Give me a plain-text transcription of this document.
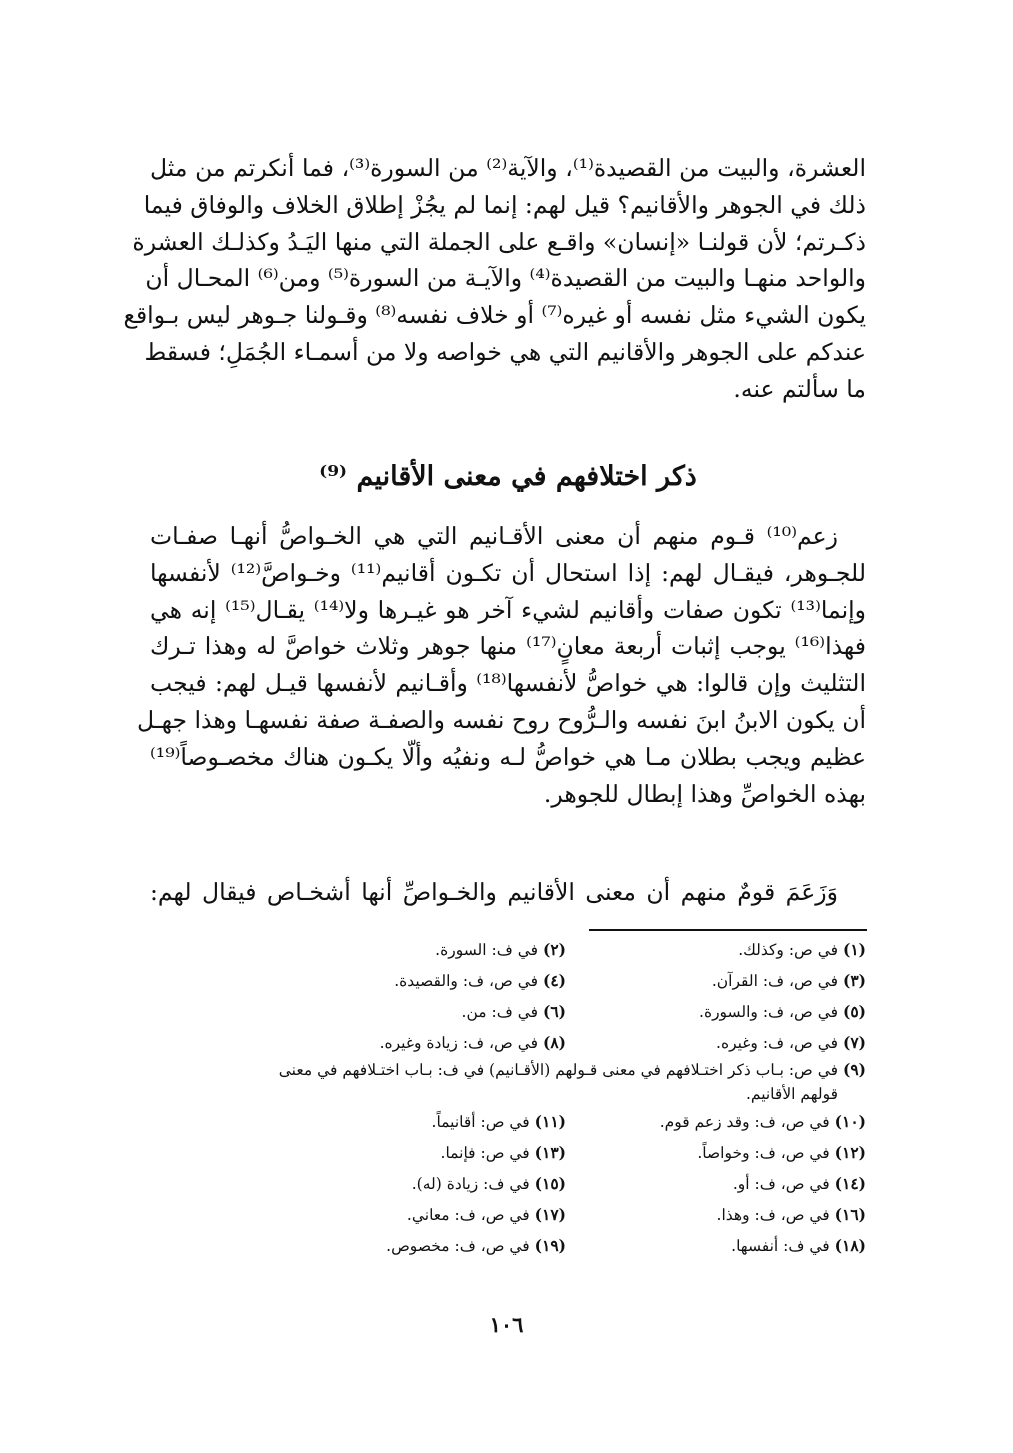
العشرة، والبيت من القصيدة⁽¹⁾، والآية⁽²⁾ من السورة⁽³⁾، فما أنكرتم من مثل
ذلك في الجوهر والأقانيم؟ قيل لهم: إنما لم يجُزْ إطلاق الخلاف والوفاق فيما
ذكـرتم؛ لأن قولنـا «إنسان» واقـع على الجملة التي منها اليَـدُ وكذلـك العشرة
والواحد منهـا والبيت من القصيدة⁽⁴⁾ والآيـة من السورة⁽⁵⁾ ومن⁽⁶⁾ المحـال أن
يكون الشيء مثل نفسه أو غيره⁽⁷⁾ أو خلاف نفسه⁽⁸⁾ وقـولنا جـوهر ليس بـواقع
عندكم على الجوهر والأقانيم التي هي خواصه ولا من أسمـاء الجُمَلِ؛ فسقط
ما سألتم عنه.
ذكر اختلافهم في معنى الأقانيم ⁽⁹⁾
زعم⁽¹⁰⁾ قـوم منهم أن معنى الأقـانيم التي هي الخـواصُّ أنهـا صفـات
للجـوهر، فيقـال لهم: إذا استحال أن تكـون أقانيم⁽¹¹⁾ وخـواصَّ⁽¹²⁾ لأنفسها
وإنما⁽¹³⁾ تكون صفات وأقانيم لشيء آخر هو غيـرها ولا⁽¹⁴⁾ يقـال⁽¹⁵⁾ إنه هي
فهذا⁽¹⁶⁾ يوجب إثبات أربعة معانٍ⁽¹⁷⁾ منها جوهر وثلاث خواصَّ له وهذا تـرك
التثليث وإن قالوا: هي خواصُّ لأنفسها⁽¹⁸⁾ وأقـانيم لأنفسها قيـل لهم: فيجب
أن يكون الابنُ ابنَ نفسه والـرُّوح روح نفسه والصفـة صفة نفسهـا وهذا جهـل
عظيم ويجب بطلان مـا هي خواصُّ لـه ونفيُه وألّا يكـون هناك مخصـوصاً⁽¹⁹⁾
بهذه الخواصِّ وهذا إبطال للجوهر.
وَزَعَمَ قومٌ منهم أن معنى الأقانيم والخـواصِّ أنها أشخـاص فيقال لهم:
(١) في ص: وكذلك.
(٢) في ف: السورة.
(٣) في ص، ف: القرآن.
(٤) في ص، ف: والقصيدة.
(٥) في ص، ف: والسورة.
(٦) في ف: من.
(٧) في ص، ف: وغيره.
(٨) في ص، ف: زيادة وغيره.
(٩) في ص: بـاب ذكر اختـلافهم في معنى قـولهم (الأقـانيم) في ف: بـاب اختـلافهم في معنى
قولهم الأقانيم.
(١٠) في ص، ف: وقد زعم قوم.
(١١) في ص: أقانيماً.
(١٢) في ص، ف: وخواصاً.
(١٣) في ص: فإنما.
(١٤) في ص، ف: أو.
(١٥) في ف: زيادة (له).
(١٦) في ص، ف: وهذا.
(١٧) في ص، ف: معاني.
(١٨) في ف: أنفسها.
(١٩) في ص، ف: مخصوص.
١٠٦
